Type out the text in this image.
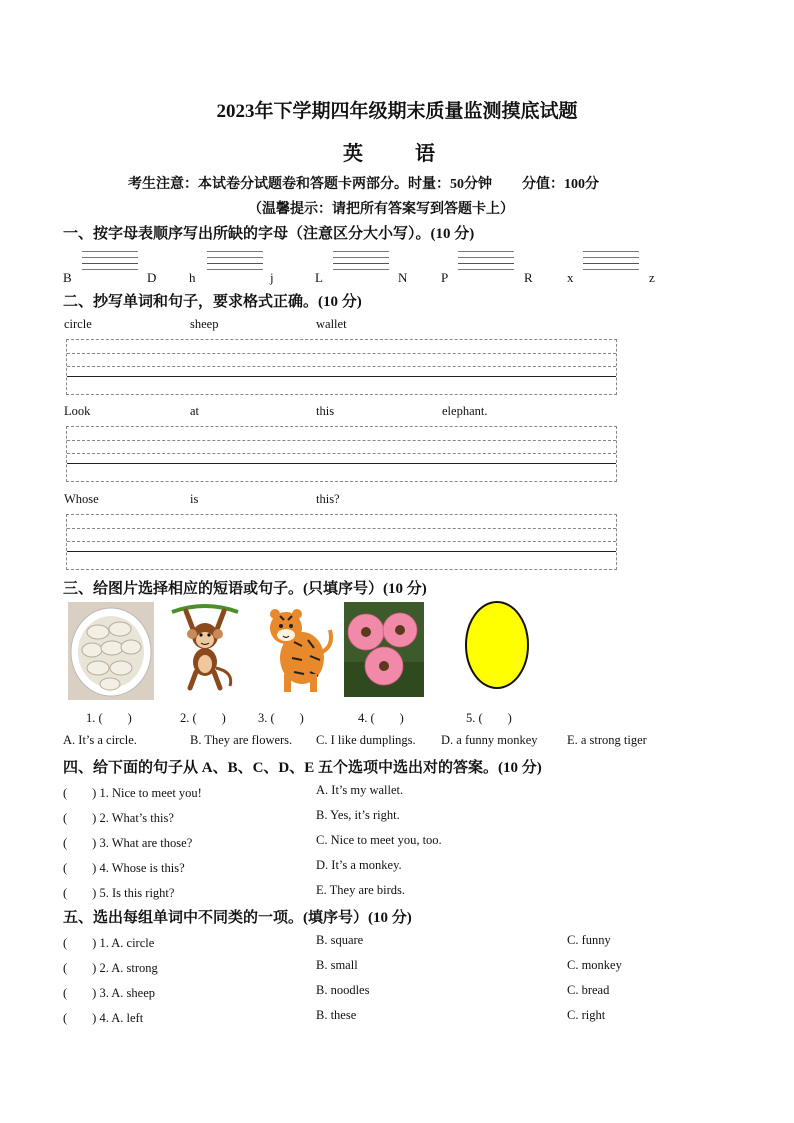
2023年下学期四年级期末质量监测摸底试题
英　语
考生注意：本试卷分试题卷和答题卡两部分。时量：50分钟 分值：100分
（温馨提示：请把所有答案写到答题卡上）
一、按字母表顺序写出所缺的字母（注意区分大小写）。(10 分)
B	D	h	j	L	N	P	R	x	z
二、抄写单词和句子，要求格式正确。(10 分)
circle	sheep	wallet
Look	at	this	elephant.
Whose	is	this?
三、给图片选择相应的短语或句子。(只填序号）(10 分)
1. (　　)	2. (　　)	3. (　　)	4. (　　)	5. (　　)
A. It’s a circle.	B. They are flowers. C. I like dumplings. D. a funny monkey E. a strong tiger
四、给下面的句子从 A、B、C、D、E 五个选项中选出对的答案。(10 分)
(　　) 1. Nice to meet you!	A. It’s my wallet.
(　　) 2. What’s this?	B. Yes, it’s right.
(　　) 3. What are those?	C. Nice to meet you, too.
(　　) 4. Whose is this?	D. It’s a monkey.
(　　) 5. Is this right?	E. They are birds.
五、选出每组单词中不同类的一项。(填序号）(10 分)
(　　) 1. A. circle	B. square	C. funny
(　　) 2. A. strong	B. small	C. monkey
(　　) 3. A. sheep	B. noodles	C. bread
(　　) 4. A. left	B. these	C. right
